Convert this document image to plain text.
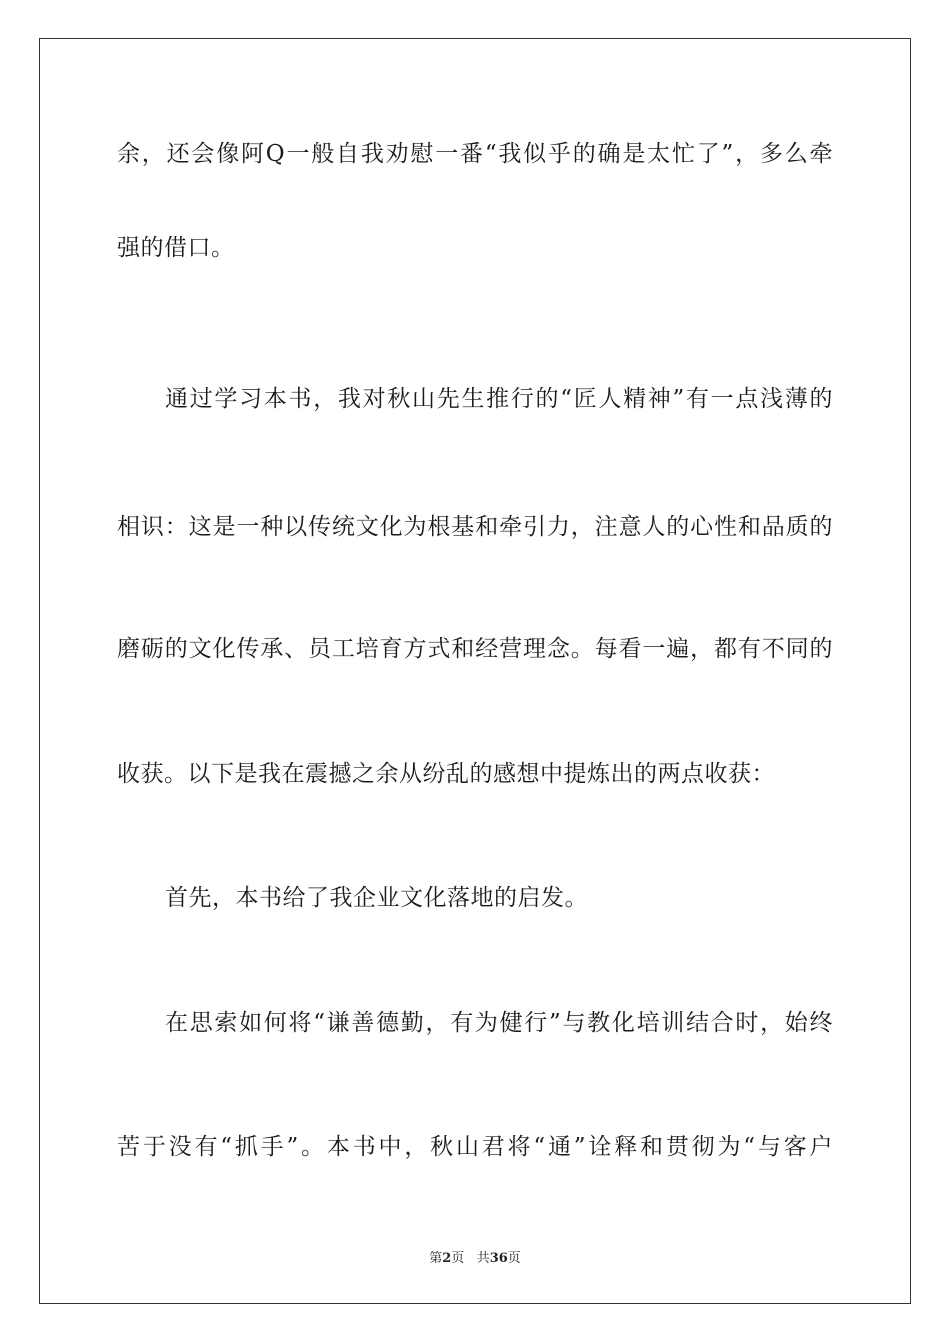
余，还会像阿Q一般自我劝慰一番“我似乎的确是太忙了”，多么牵
强的借口。
通过学习本书，我对秋山先生推行的“匠人精神”有一点浅薄的
相识：这是一种以传统文化为根基和牵引力，注意人的心性和品质的
磨砺的文化传承、员工培育方式和经营理念。每看一遍，都有不同的
收获。以下是我在震撼之余从纷乱的感想中提炼出的两点收获：
首先，本书给了我企业文化落地的启发。
在思索如何将“谦善德勤，有为健行”与教化培训结合时，始终
苦于没有“抓手”。本书中，秋山君将“通”诠释和贯彻为“与客户
第2页 共36页
